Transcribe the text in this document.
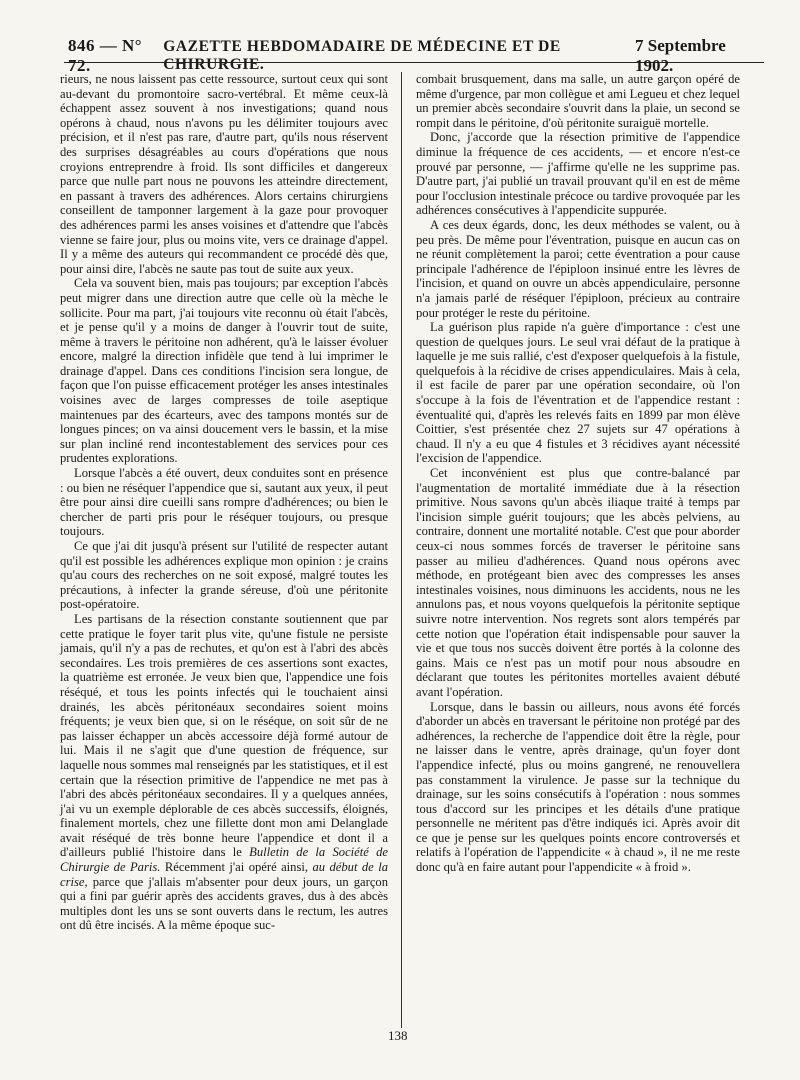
846 — N° 72.
GAZETTE HEBDOMADAIRE DE MÉDECINE ET DE CHIRURGIE.
7 Septembre 1902.

rieurs, ne nous laissent pas cette ressource, surtout ceux qui sont au-devant du promontoire sacro-vertébral. Et même ceux-là échappent assez souvent à nos investigations; quand nous opérons à chaud, nous n'avons pu les délimiter toujours avec précision, et il n'est pas rare, d'autre part, qu'ils nous réservent des surprises désagréables au cours d'opérations que nous croyions entreprendre à froid. Ils sont difficiles et dangereux parce que nulle part nous ne pouvons les atteindre directement, en passant à travers des adhérences. Alors certains chirurgiens conseillent de tamponner largement à la gaze pour provoquer des adhérences parmi les anses voisines et d'attendre que l'abcès vienne se faire jour, plus ou moins vite, vers ce drainage d'appel. Il y a même des auteurs qui recommandent ce procédé dès que, pour ainsi dire, l'abcès ne saute pas tout de suite aux yeux.

Cela va souvent bien, mais pas toujours; par exception l'abcès peut migrer dans une direction autre que celle où la mèche le sollicite. Pour ma part, j'ai toujours vite reconnu où était l'abcès, et je pense qu'il y a moins de danger à l'ouvrir tout de suite, même à travers le péritoine non adhérent, qu'à le laisser évoluer encore, malgré la direction infidèle que tend à lui imprimer le drainage d'appel. Dans ces conditions l'incision sera longue, de façon que l'on puisse efficacement protéger les anses intestinales voisines avec de larges compresses de toile aseptique maintenues par des écarteurs, avec des tampons montés sur de longues pinces; on va ainsi doucement vers le bassin, et la mise sur plan incliné rend incontestablement des services pour ces prudentes explorations.

Lorsque l'abcès a été ouvert, deux conduites sont en présence : ou bien ne réséquer l'appendice que si, sautant aux yeux, il peut être pour ainsi dire cueilli sans rompre d'adhérences; ou bien le chercher de parti pris pour le réséquer toujours, ou presque toujours.

Ce que j'ai dit jusqu'à présent sur l'utilité de respecter autant qu'il est possible les adhérences explique mon opinion : je crains qu'au cours des recherches on ne soit exposé, malgré toutes les précautions, à infecter la grande séreuse, d'où une péritonite post-opératoire.

Les partisans de la résection constante soutiennent que par cette pratique le foyer tarit plus vite, qu'une fistule ne persiste jamais, qu'il n'y a pas de rechutes, et qu'on est à l'abri des abcès secondaires. Les trois premières de ces assertions sont exactes, la quatrième est erronée. Je veux bien que, l'appendice une fois réséqué, et tous les points infectés qui le touchaient ainsi drainés, les abcès péritonéaux secondaires soient moins fréquents; je veux bien que, si on le réséque, on soit sûr de ne pas laisser échapper un abcès accessoire déjà formé autour de lui. Mais il ne s'agit que d'une question de fréquence, sur laquelle nous sommes mal renseignés par les statistiques, et il est certain que la résection primitive de l'appendice ne met pas à l'abri des abcès péritonéaux secondaires. Il y a quelques années, j'ai vu un exemple déplorable de ces abcès successifs, éloignés, finalement mortels, chez une fillette dont mon ami Delanglade avait réséqué de très bonne heure l'appendice et dont il a d'ailleurs publié l'histoire dans le Bulletin de la Société de Chirurgie de Paris. Récemment j'ai opéré ainsi, au début de la crise, parce que j'allais m'absenter pour deux jours, un garçon qui a fini par guérir après des accidents graves, dus à des abcès multiples dont les uns se sont ouverts dans le rectum, les autres ont dû être incisés. A la même époque suc-

combait brusquement, dans ma salle, un autre garçon opéré de même d'urgence, par mon collègue et ami Legueu et chez lequel un premier abcès secondaire s'ouvrit dans la plaie, un second se rompit dans le péritoine, d'où péritonite suraiguë mortelle.

Donc, j'accorde que la résection primitive de l'appendice diminue la fréquence de ces accidents, — et encore n'est-ce prouvé par personne, — j'affirme qu'elle ne les supprime pas. D'autre part, j'ai publié un travail prouvant qu'il en est de même pour l'occlusion intestinale précoce ou tardive provoquée par les adhérences consécutives à l'appendicite suppurée.

A ces deux égards, donc, les deux méthodes se valent, ou à peu près. De même pour l'éventration, puisque en aucun cas on ne réunit complètement la paroi; cette éventration a pour cause principale l'adhérence de l'épiploon insinué entre les lèvres de l'incision, et quand on ouvre un abcès appendiculaire, personne n'a jamais parlé de réséquer l'épiploon, précieux au contraire pour protéger le reste du péritoine.

La guérison plus rapide n'a guère d'importance : c'est une question de quelques jours. Le seul vrai défaut de la pratique à laquelle je me suis rallié, c'est d'exposer quelquefois à la fistule, quelquefois à la récidive de crises appendiculaires. Mais à cela, il est facile de parer par une opération secondaire, où l'on s'occupe à la fois de l'éventration et de l'appendice restant : éventualité qui, d'après les relevés faits en 1899 par mon élève Coittier, s'est présentée chez 27 sujets sur 47 opérations à chaud. Il n'y a eu que 4 fistules et 3 récidives ayant nécessité l'excision de l'appendice.

Cet inconvénient est plus que contre-balancé par l'augmentation de mortalité immédiate due à la résection primitive. Nous savons qu'un abcès iliaque traité à temps par l'incision simple guérit toujours; que les abcès pelviens, au contraire, donnent une mortalité notable. C'est que pour aborder ceux-ci nous sommes forcés de traverser le péritoine sans passer au milieu d'adhérences. Quand nous opérons avec méthode, en protégeant bien avec des compresses les anses intestinales voisines, nous diminuons les accidents, nous ne les annulons pas, et nous voyons quelquefois la péritonite septique suivre notre intervention. Nos regrets sont alors tempérés par cette notion que l'opération était indispensable pour sauver la vie et que tous nos succès doivent être portés à la colonne des gains. Mais ce n'est pas un motif pour nous absoudre en déclarant que toutes les péritonites mortelles avaient débuté avant l'opération.

Lorsque, dans le bassin ou ailleurs, nous avons été forcés d'aborder un abcès en traversant le péritoine non protégé par des adhérences, la recherche de l'appendice doit être la règle, pour ne laisser dans le ventre, après drainage, qu'un foyer dont l'appendice infecté, plus ou moins gangrené, ne renouvellera pas constamment la virulence. Je passe sur la technique du drainage, sur les soins consécutifs à l'opération : nous sommes tous d'accord sur les principes et les détails d'une pratique personnelle ne méritent pas d'être indiqués ici. Après avoir dit ce que je pense sur les quelques points encore controversés et relatifs à l'opération de l'appendicite « à chaud », il ne me reste donc qu'à en faire autant pour l'appendicite « à froid ».

138
